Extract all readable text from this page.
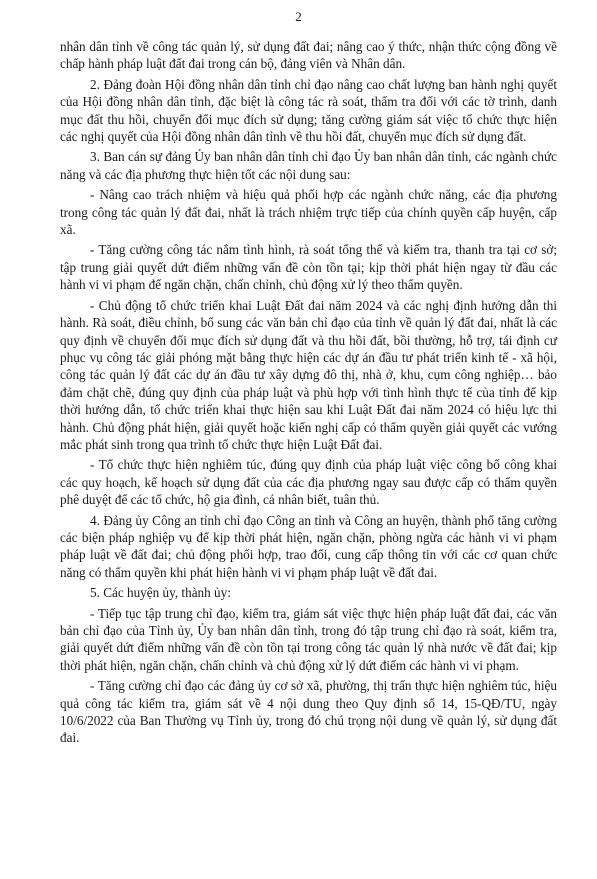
2

nhân dân tỉnh về công tác quản lý, sử dụng đất đai; nâng cao ý thức, nhận thức cộng đồng về chấp hành pháp luật đất đai trong cán bộ, đảng viên và Nhân dân.

2. Đảng đoàn Hội đồng nhân dân tỉnh chỉ đạo nâng cao chất lượng ban hành nghị quyết của Hội đồng nhân dân tỉnh, đặc biệt là công tác rà soát, thẩm tra đối với các tờ trình, danh mục đất thu hồi, chuyển đổi mục đích sử dụng; tăng cường giám sát việc tổ chức thực hiện các nghị quyết của Hội đồng nhân dân tỉnh về thu hồi đất, chuyển mục đích sử dụng đất.

3. Ban cán sự đảng Ủy ban nhân dân tỉnh chỉ đạo Ủy ban nhân dân tỉnh, các ngành chức năng và các địa phương thực hiện tốt các nội dung sau:

- Nâng cao trách nhiệm và hiệu quả phối hợp các ngành chức năng, các địa phương trong công tác quản lý đất đai, nhất là trách nhiệm trực tiếp của chính quyền cấp huyện, cấp xã.

- Tăng cường công tác nắm tình hình, rà soát tổng thể và kiểm tra, thanh tra tại cơ sở; tập trung giải quyết dứt điểm những vấn đề còn tồn tại; kịp thời phát hiện ngay từ đầu các hành vi vi phạm để ngăn chặn, chấn chỉnh, chủ động xử lý theo thẩm quyền.

- Chủ động tổ chức triển khai Luật Đất đai năm 2024 và các nghị định hướng dẫn thi hành. Rà soát, điều chỉnh, bổ sung các văn bản chỉ đạo của tỉnh về quản lý đất đai, nhất là các quy định về chuyển đổi mục đích sử dụng đất và thu hồi đất, bồi thường, hỗ trợ, tái định cư phục vụ công tác giải phóng mặt bằng thực hiện các dự án đầu tư phát triển kinh tế - xã hội, công tác quản lý đất các dự án đầu tư xây dựng đô thị, nhà ở, khu, cụm công nghiệp… bảo đảm chặt chẽ, đúng quy định của pháp luật và phù hợp với tình hình thực tế của tỉnh để kịp thời hướng dẫn, tổ chức triển khai thực hiện sau khi Luật Đất đai năm 2024 có hiệu lực thi hành. Chủ động phát hiện, giải quyết hoặc kiến nghị cấp có thẩm quyền giải quyết các vướng mắc phát sinh trong qua trình tổ chức thực hiện Luật Đất đai.

- Tổ chức thực hiện nghiêm túc, đúng quy định của pháp luật việc công bố công khai các quy hoạch, kế hoạch sử dụng đất của các địa phương ngay sau được cấp có thẩm quyền phê duyệt để các tổ chức, hộ gia đình, cá nhân biết, tuân thủ.

4. Đảng ủy Công an tỉnh chỉ đạo Công an tỉnh và Công an huyện, thành phố tăng cường các biện pháp nghiệp vụ để kịp thời phát hiện, ngăn chặn, phòng ngừa các hành vi vi phạm pháp luật về đất đai; chủ động phối hợp, trao đổi, cung cấp thông tin với các cơ quan chức năng có thẩm quyền khi phát hiện hành vi vi phạm pháp luật về đất đai.

5. Các huyện ủy, thành ủy:

- Tiếp tục tập trung chỉ đạo, kiểm tra, giám sát việc thực hiện pháp luật đất đai, các văn bản chỉ đạo của Tỉnh ủy, Ủy ban nhân dân tỉnh, trong đó tập trung chỉ đạo rà soát, kiểm tra, giải quyết dứt điểm những vấn đề còn tồn tại trong công tác quản lý nhà nước về đất đai; kịp thời phát hiện, ngăn chặn, chấn chỉnh và chủ động xử lý dứt điểm các hành vi vi phạm.

- Tăng cường chỉ đạo các đảng ủy cơ sở xã, phường, thị trấn thực hiện nghiêm túc, hiệu quả công tác kiểm tra, giám sát về 4 nội dung theo Quy định số 14, 15-QĐ/TU, ngày 10/6/2022 của Ban Thường vụ Tỉnh ủy, trong đó chú trọng nội dung về quản lý, sử dụng đất đai.
